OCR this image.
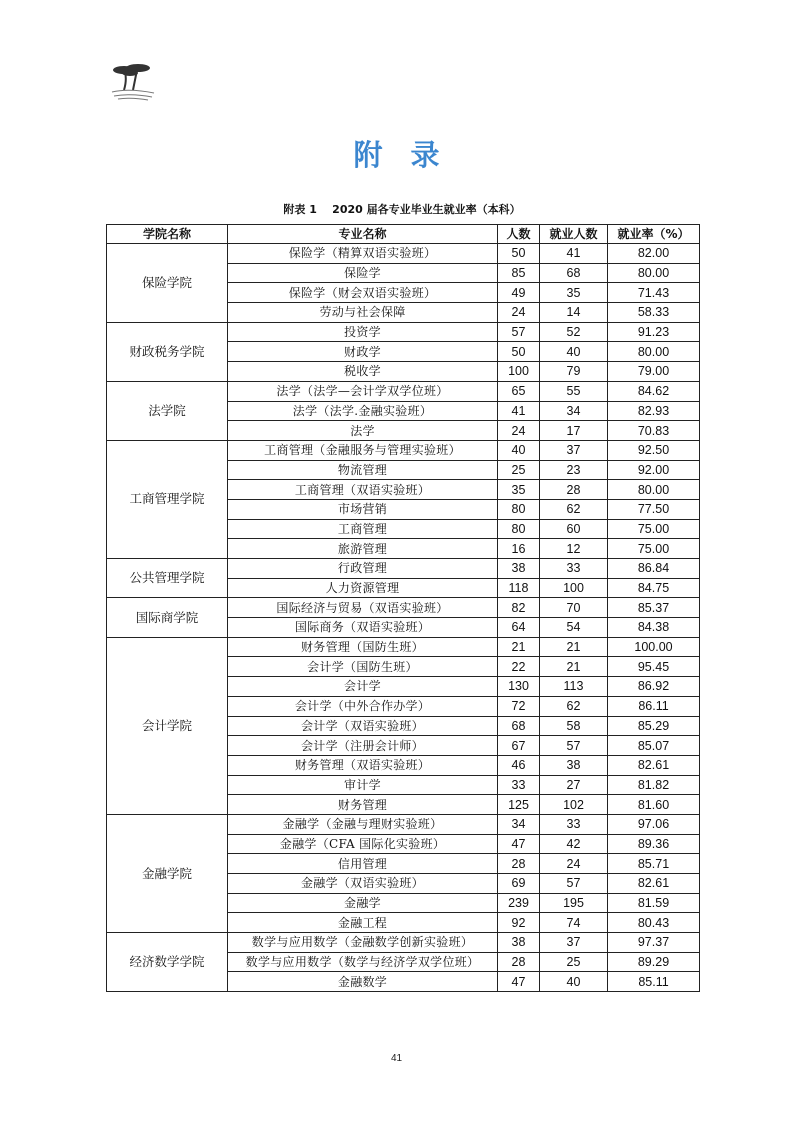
附录
附表 1 2020 届各专业毕业生就业率（本科）
学院名称	专业名称	人数	就业人数	就业率（%）
保险学院	保险学（精算双语实验班）	50	41	82.00
	保险学	85	68	80.00
	保险学（财会双语实验班）	49	35	71.43
	劳动与社会保障	24	14	58.33
财政税务学院	投资学	57	52	91.23
	财政学	50	40	80.00
	税收学	100	79	79.00
法学院	法学（法学—会计学双学位班）	65	55	84.62
	法学（法学.金融实验班）	41	34	82.93
	法学	24	17	70.83
工商管理学院	工商管理（金融服务与管理实验班）	40	37	92.50
	物流管理	25	23	92.00
	工商管理（双语实验班）	35	28	80.00
	市场营销	80	62	77.50
	工商管理	80	60	75.00
	旅游管理	16	12	75.00
公共管理学院	行政管理	38	33	86.84
	人力资源管理	118	100	84.75
国际商学院	国际经济与贸易（双语实验班）	82	70	85.37
	国际商务（双语实验班）	64	54	84.38
会计学院	财务管理（国防生班）	21	21	100.00
	会计学（国防生班）	22	21	95.45
	会计学	130	113	86.92
	会计学（中外合作办学）	72	62	86.11
	会计学（双语实验班）	68	58	85.29
	会计学（注册会计师）	67	57	85.07
	财务管理（双语实验班）	46	38	82.61
	审计学	33	27	81.82
	财务管理	125	102	81.60
金融学院	金融学（金融与理财实验班）	34	33	97.06
	金融学（CFA 国际化实验班）	47	42	89.36
	信用管理	28	24	85.71
	金融学（双语实验班）	69	57	82.61
	金融学	239	195	81.59
	金融工程	92	74	80.43
经济数学学院	数学与应用数学（金融数学创新实验班）	38	37	97.37
	数学与应用数学（数学与经济学双学位班）	28	25	89.29
	金融数学	47	40	85.11
41
